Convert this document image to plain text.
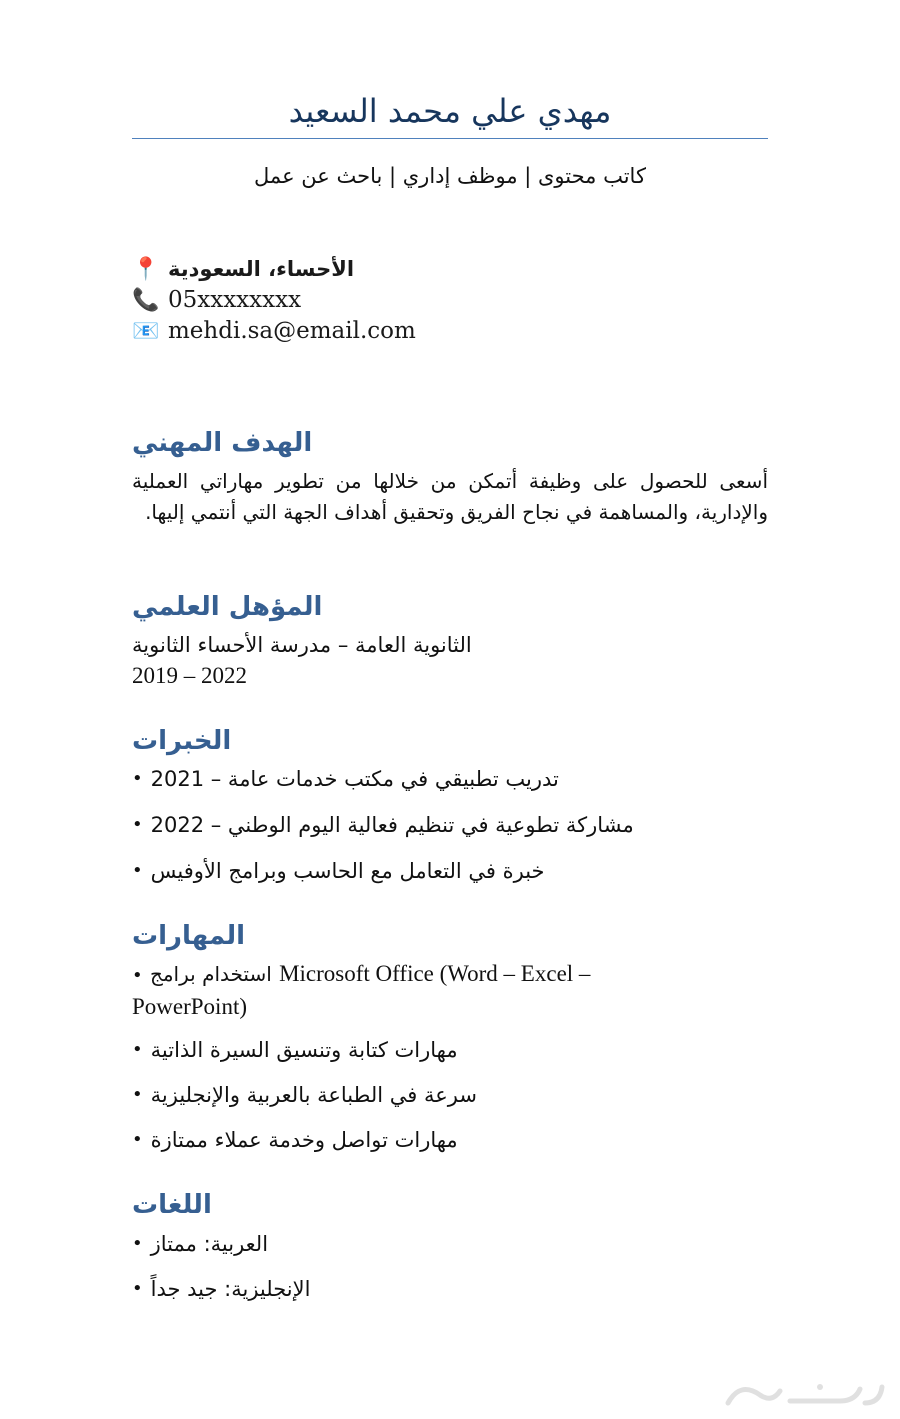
مهدي علي محمد السعيد
كاتب محتوى | موظف إداري | باحث عن عمل
📍 الأحساء، السعودية
📞 05xxxxxxxx
📧 mehdi.sa@email.com
الهدف المهني
أسعى للحصول على وظيفة أتمكن من خلالها من تطوير مهاراتي العملية والإدارية، والمساهمة في نجاح الفريق وتحقيق أهداف الجهة التي أنتمي إليها.
المؤهل العلمي
الثانوية العامة – مدرسة الأحساء الثانوية
2019 – 2022
الخبرات
• تدريب تطبيقي في مكتب خدمات عامة – 2021
• مشاركة تطوعية في تنظيم فعالية اليوم الوطني – 2022
• خبرة في التعامل مع الحاسب وبرامج الأوفيس
المهارات
• استخدام برامج Microsoft Office (Word – Excel – PowerPoint)
• مهارات كتابة وتنسيق السيرة الذاتية
• سرعة في الطباعة بالعربية والإنجليزية
• مهارات تواصل وخدمة عملاء ممتازة
اللغات
• العربية: ممتاز
• الإنجليزية: جيد جداً
